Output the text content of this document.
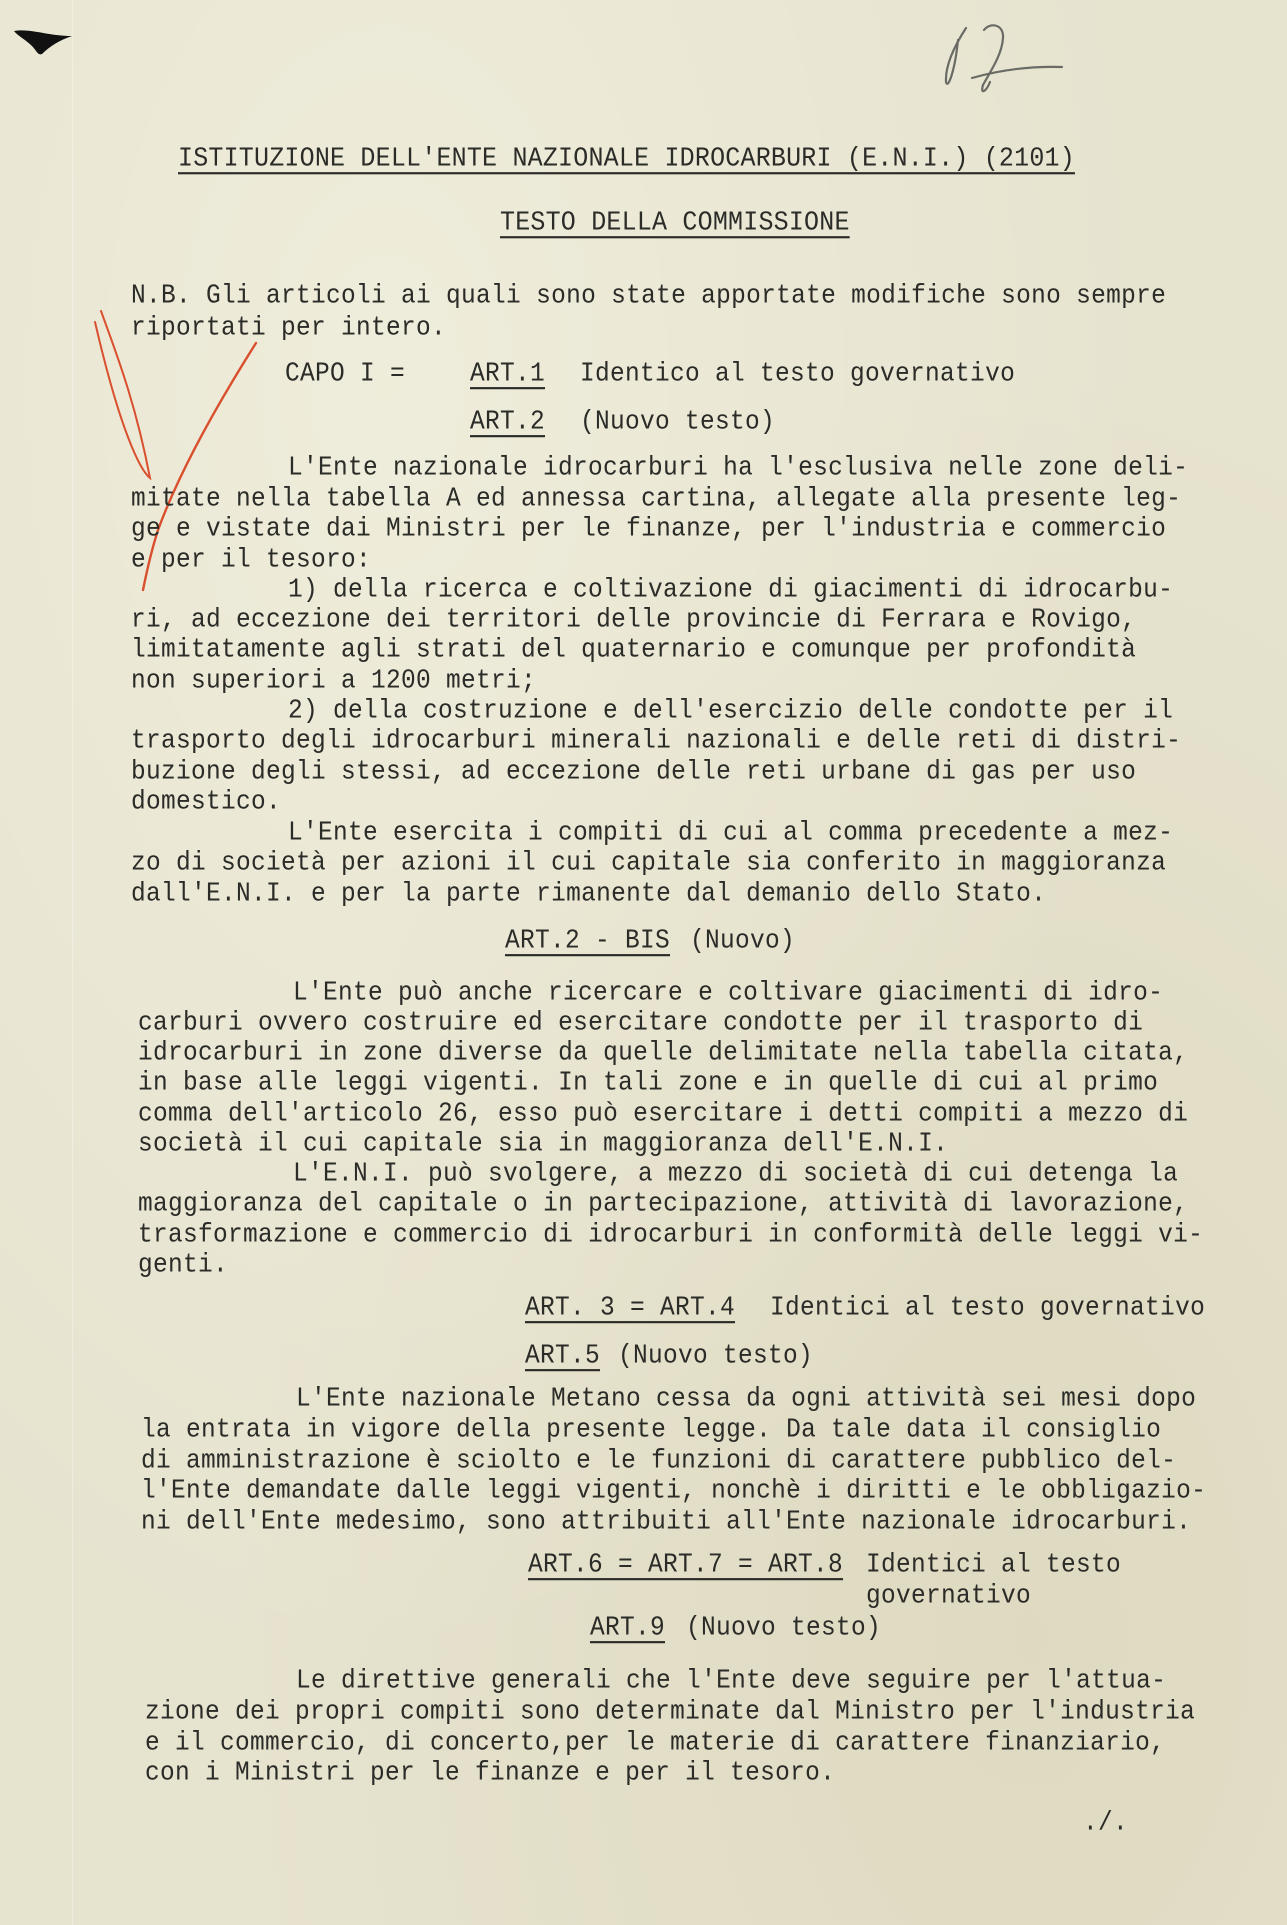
ISTITUZIONE DELL'ENTE NAZIONALE IDROCARBURI (E.N.I.) (2101)
TESTO DELLA COMMISSIONE
N.B. Gli articoli ai quali sono state apportate modifiche sono sempre
riportati per intero.
CAPO I =	ART.1 Identico al testo governativo
ART.2 (Nuovo testo)
L'Ente nazionale idrocarburi ha l'esclusiva nelle zone deli-
mitate nella tabella A ed annessa cartina, allegate alla presente leg-
ge e vistate dai Ministri per le finanze, per l'industria e commercio
e per il tesoro:
1) della ricerca e coltivazione di giacimenti di idrocarbu-
ri, ad eccezione dei territori delle provincie di Ferrara e Rovigo,
limitatamente agli strati del quaternario e comunque per profondità
non superiori a 1200 metri;
2) della costruzione e dell'esercizio delle condotte per il
trasporto degli idrocarburi minerali nazionali e delle reti di distri-
buzione degli stessi, ad eccezione delle reti urbane di gas per uso
domestico.
L'Ente esercita i compiti di cui al comma precedente a mez-
zo di società per azioni il cui capitale sia conferito in maggioranza
dall'E.N.I. e per la parte rimanente dal demanio dello Stato.
ART.2 - BIS (Nuovo)
L'Ente può anche ricercare e coltivare giacimenti di idro-
carburi ovvero costruire ed esercitare condotte per il trasporto di
idrocarburi in zone diverse da quelle delimitate nella tabella citata,
in base alle leggi vigenti. In tali zone e in quelle di cui al primo
comma dell'articolo 26, esso può esercitare i detti compiti a mezzo di
società il cui capitale sia in maggioranza dell'E.N.I.
L'E.N.I. può svolgere, a mezzo di società di cui detenga la
maggioranza del capitale o in partecipazione, attività di lavorazione,
trasformazione e commercio di idrocarburi in conformità delle leggi vi-
genti.
ART. 3 = ART.4 Identici al testo governativo
ART.5 (Nuovo testo)
L'Ente nazionale Metano cessa da ogni attività sei mesi dopo
la entrata in vigore della presente legge. Da tale data il consiglio
di amministrazione è sciolto e le funzioni di carattere pubblico del-
l'Ente demandate dalle leggi vigenti, nonchè i diritti e le obbligazio-
ni dell'Ente medesimo, sono attribuiti all'Ente nazionale idrocarburi.
ART.6 = ART.7 = ART.8 Identici al testo
governativo
ART.9 (Nuovo testo)
Le direttive generali che l'Ente deve seguire per l'attua-
zione dei propri compiti sono determinate dal Ministro per l'industria
e il commercio, di concerto,per le materie di carattere finanziario,
con i Ministri per le finanze e per il tesoro.
./.
